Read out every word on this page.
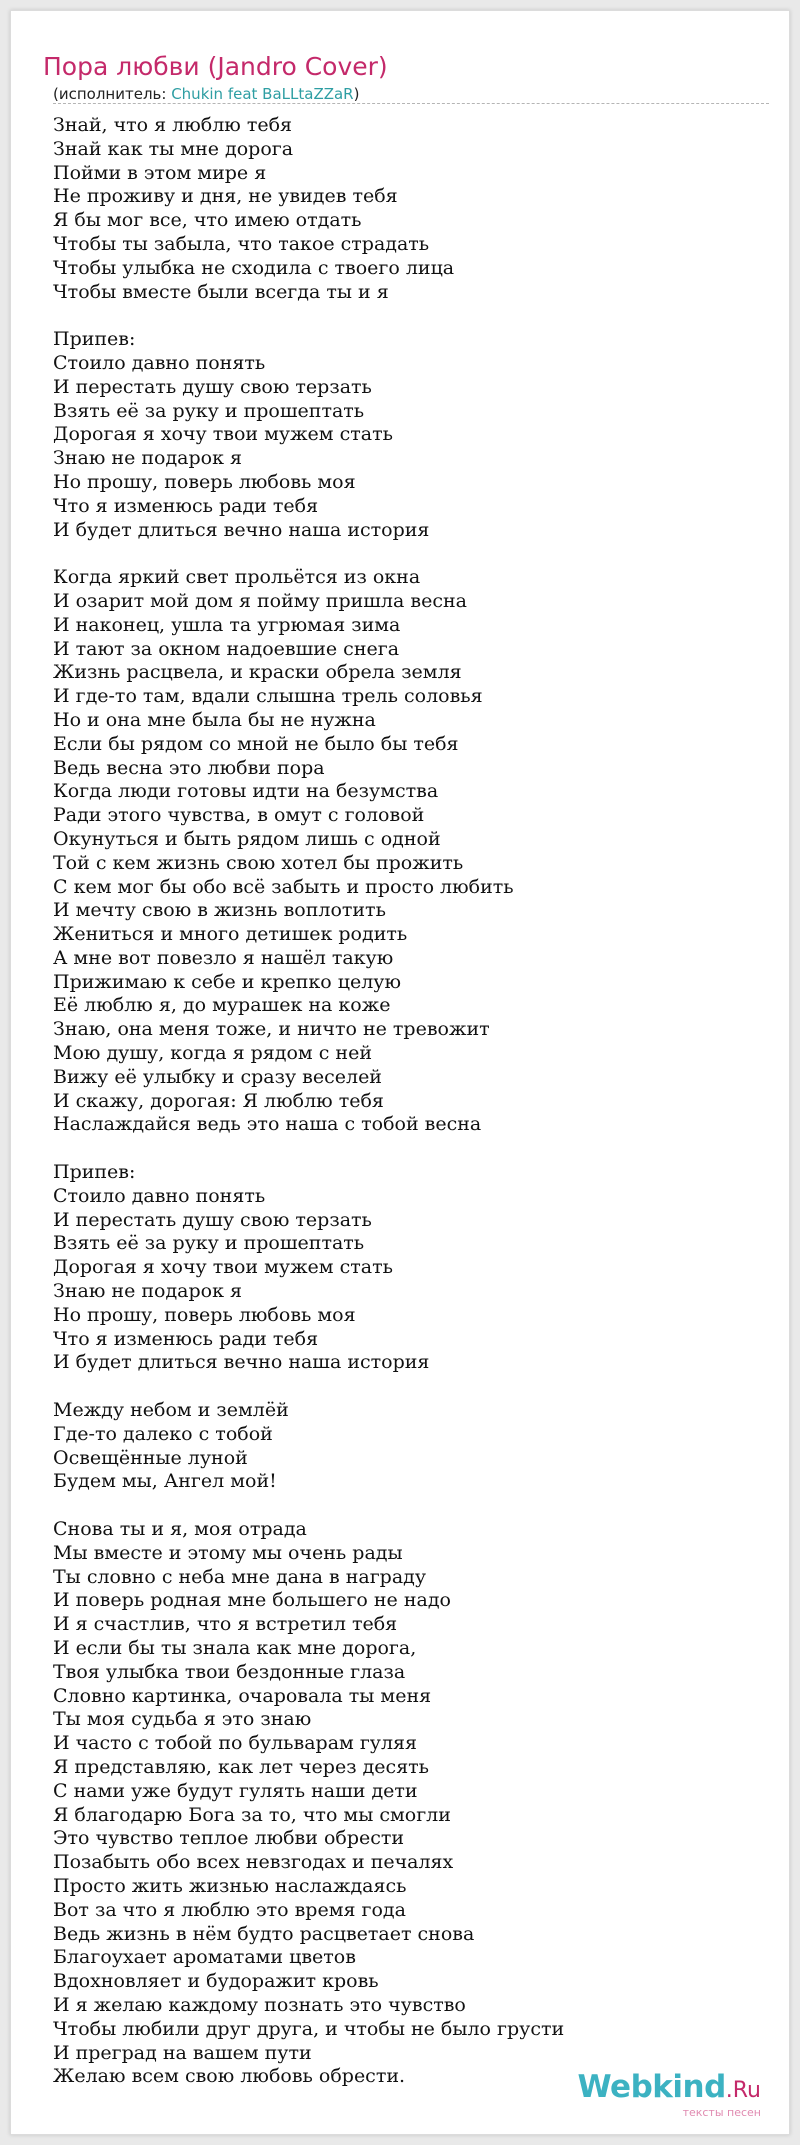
Пора любви (Jandro Cover)
(исполнитель: Chukin feat BaLLtaZZaR)
Знай, что я люблю тебя
Знай как ты мне дорога
Пойми в этом мире я
Не проживу и дня, не увидев тебя
Я бы мог все, что имею отдать
Чтобы ты забыла, что такое страдать
Чтобы улыбка не сходила с твоего лица
Чтобы вместе были всегда ты и я

Припев:
Стоило давно понять
И перестать душу свою терзать
Взять её за руку и прошептать
Дорогая я хочу твои мужем стать
Знаю не подарок я
Но прошу, поверь любовь моя
Что я изменюсь ради тебя
И будет длиться вечно наша история

Когда яркий свет прольётся из окна
И озарит мой дом я пойму пришла весна
И наконец, ушла та угрюмая зима
И тают за окном надоевшие снега
Жизнь расцвела, и краски обрела земля
И где-то там, вдали слышна трель соловья
Но и она мне была бы не нужна
Если бы рядом со мной не было бы тебя
Ведь весна это любви пора
Когда люди готовы идти на безумства
Ради этого чувства, в омут с головой
Окунуться и быть рядом лишь с одной
Той с кем жизнь свою хотел бы прожить
С кем мог бы обо всё забыть и просто любить
И мечту свою в жизнь воплотить
Жениться и много детишек родить
А мне вот повезло я нашёл такую
Прижимаю к себе и крепко целую
Её люблю я, до мурашек на коже
Знаю, она меня тоже, и ничто не тревожит
Мою душу, когда я рядом с ней
Вижу её улыбку и сразу веселей
И скажу, дорогая: Я люблю тебя
Наслаждайся ведь это наша с тобой весна

Припев:
Стоило давно понять
И перестать душу свою терзать
Взять её за руку и прошептать
Дорогая я хочу твои мужем стать
Знаю не подарок я
Но прошу, поверь любовь моя
Что я изменюсь ради тебя
И будет длиться вечно наша история

Между небом и землёй
Где-то далеко с тобой
Освещённые луной
Будем мы, Ангел мой!

Снова ты и я, моя отрада
Мы вместе и этому мы очень рады
Ты словно с неба мне дана в награду
И поверь родная мне большего не надо
И я счастлив, что я встретил тебя
И если бы ты знала как мне дорога,
Твоя улыбка твои бездонные глаза
Словно картинка, очаровала ты меня
Ты моя судьба я это знаю
И часто с тобой по бульварам гуляя
Я представляю, как лет через десять
С нами уже будут гулять наши дети
Я благодарю Бога за то, что мы смогли
Это чувство теплое любви обрести
Позабыть обо всех невзгодах и печалях
Просто жить жизнью наслаждаясь
Вот за что я люблю это время года
Ведь жизнь в нём будто расцветает снова
Благоухает ароматами цветов
Вдохновляет и будоражит кровь
И я желаю каждому познать это чувство
Чтобы любили друг друга, и чтобы не было грусти
И преград на вашем пути
Желаю всем свою любовь обрести.	Webkind.Ru
тексты песен
